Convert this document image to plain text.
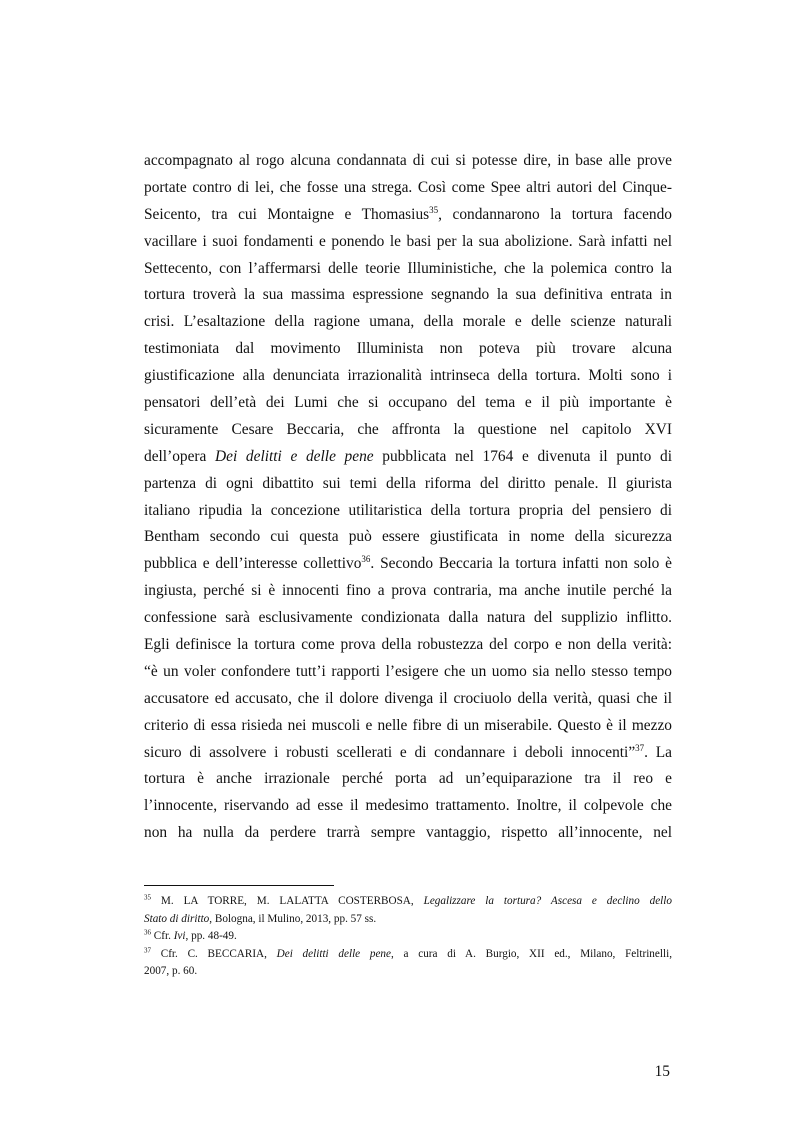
accompagnato al rogo alcuna condannata di cui si potesse dire, in base alle prove
portate contro di lei, che fosse una strega. Così come Spee altri autori del Cinque-
Seicento, tra cui Montaigne e Thomasius$^{35}$, condannarono la tortura facendo
vacillare i suoi fondamenti e ponendo le basi per la sua abolizione. Sarà infatti nel
Settecento, con l’affermarsi delle teorie Illuministiche, che la polemica contro la
tortura troverà la sua massima espressione segnando la sua definitiva entrata in
crisi. L’esaltazione della ragione umana, della morale e delle scienze naturali
testimoniata dal movimento Illuminista non poteva più trovare alcuna
giustificazione alla denunciata irrazionalità intrinseca della tortura. Molti sono i
pensatori dell’età dei Lumi che si occupano del tema e il più importante è
sicuramente Cesare Beccaria, che affronta la questione nel capitolo XVI
dell’opera Dei delitti e delle pene pubblicata nel 1764 e divenuta il punto di
partenza di ogni dibattito sui temi della riforma del diritto penale. Il giurista
italiano ripudia la concezione utilitaristica della tortura propria del pensiero di
Bentham secondo cui questa può essere giustificata in nome della sicurezza
pubblica e dell’interesse collettivo$^{36}$. Secondo Beccaria la tortura infatti non solo è
ingiusta, perché si è innocenti fino a prova contraria, ma anche inutile perché la
confessione sarà esclusivamente condizionata dalla natura del supplizio inflitto.
Egli definisce la tortura come prova della robustezza del corpo e non della verità:
“è un voler confondere tutt’i rapporti l’esigere che un uomo sia nello stesso tempo
accusatore ed accusato, che il dolore divenga il crociuolo della verità, quasi che il
criterio di essa risieda nei muscoli e nelle fibre di un miserabile. Questo è il mezzo
sicuro di assolvere i robusti scellerati e di condannare i deboli innocenti”$^{37}$. La
tortura è anche irrazionale perché porta ad un’equiparazione tra il reo e
l’innocente, riservando ad esse il medesimo trattamento. Inoltre, il colpevole che
non ha nulla da perdere trarrà sempre vantaggio, rispetto all’innocente, nel
$^{35}$ M. LA TORRE, M. LALATTA COSTERBOSA, Legalizzare la tortura? Ascesa e declino dello
Stato di diritto, Bologna, il Mulino, 2013, pp. 57 ss.
$^{36}$ Cfr. Ivi, pp. 48-49.
$^{37}$ Cfr. C. BECCARIA, Dei delitti delle pene, a cura di A. Burgio, XII ed., Milano, Feltrinelli,
2007, p. 60.
15
